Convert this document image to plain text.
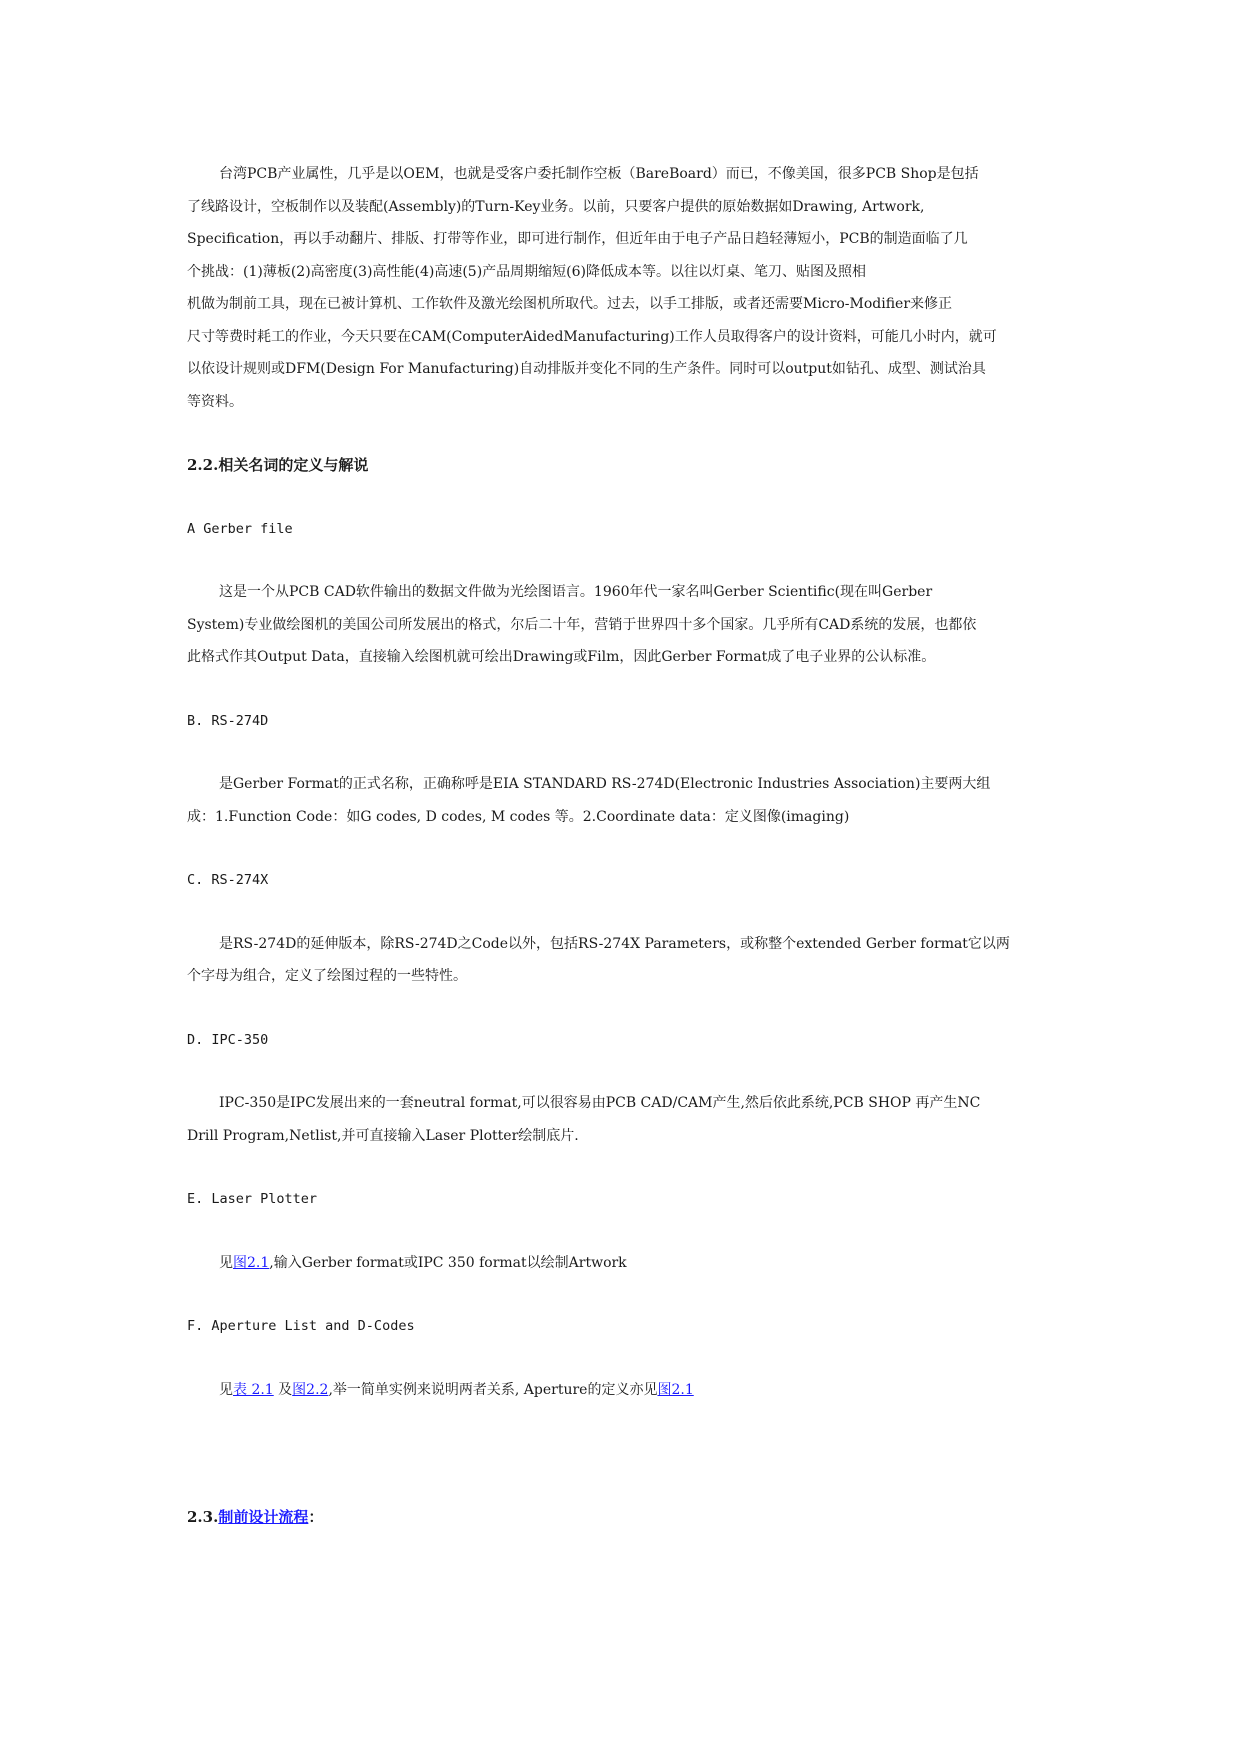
台湾PCB产业属性，几乎是以OEM，也就是受客户委托制作空板（BareBoard）而已，不像美国，很多PCB Shop是包括

了线路设计，空板制作以及装配(Assembly)的Turn-Key业务。以前，只要客户提供的原始数据如Drawing, Artwork,

Specification，再以手动翻片、排版、打带等作业，即可进行制作，但近年由于电子产品日趋轻薄短小，PCB的制造面临了几

个挑战：(1)薄板(2)高密度(3)高性能(4)高速(5)产品周期缩短(6)降低成本等。以往以灯桌、笔刀、贴图及照相

机做为制前工具，现在已被计算机、工作软件及激光绘图机所取代。过去，以手工排版，或者还需要Micro-Modifier来修正

尺寸等费时耗工的作业，今天只要在CAM(ComputerAidedManufacturing)工作人员取得客户的设计资料，可能几小时内，就可

以依设计规则或DFM(Design For Manufacturing)自动排版并变化不同的生产条件。同时可以output如钻孔、成型、测试治具

等资料。

2.2.相关名词的定义与解说

A Gerber file

这是一个从PCB CAD软件输出的数据文件做为光绘图语言。1960年代一家名叫Gerber Scientific(现在叫Gerber

System)专业做绘图机的美国公司所发展出的格式，尔后二十年，营销于世界四十多个国家。几乎所有CAD系统的发展，也都依

此格式作其Output Data，直接输入绘图机就可绘出Drawing或Film，因此Gerber Format成了电子业界的公认标准。

B. RS-274D

是Gerber Format的正式名称，正确称呼是EIA STANDARD RS-274D(Electronic Industries Association)主要两大组

成：1.Function Code：如G codes, D codes, M codes 等。2.Coordinate data：定义图像(imaging)

C. RS-274X

是RS-274D的延伸版本，除RS-274D之Code以外，包括RS-274X Parameters，或称整个extended Gerber format它以两

个字母为组合，定义了绘图过程的一些特性。

D. IPC-350

IPC-350是IPC发展出来的一套neutral format,可以很容易由PCB CAD/CAM产生,然后依此系统,PCB SHOP 再产生NC

Drill Program,Netlist,并可直接输入Laser Plotter绘制底片.

E. Laser Plotter

见图2.1,输入Gerber format或IPC 350 format以绘制Artwork

F. Aperture List and D-Codes

见表 2.1 及图2.2,举一简单实例来说明两者关系, Aperture的定义亦见图2.1

2.3.制前设计流程：
